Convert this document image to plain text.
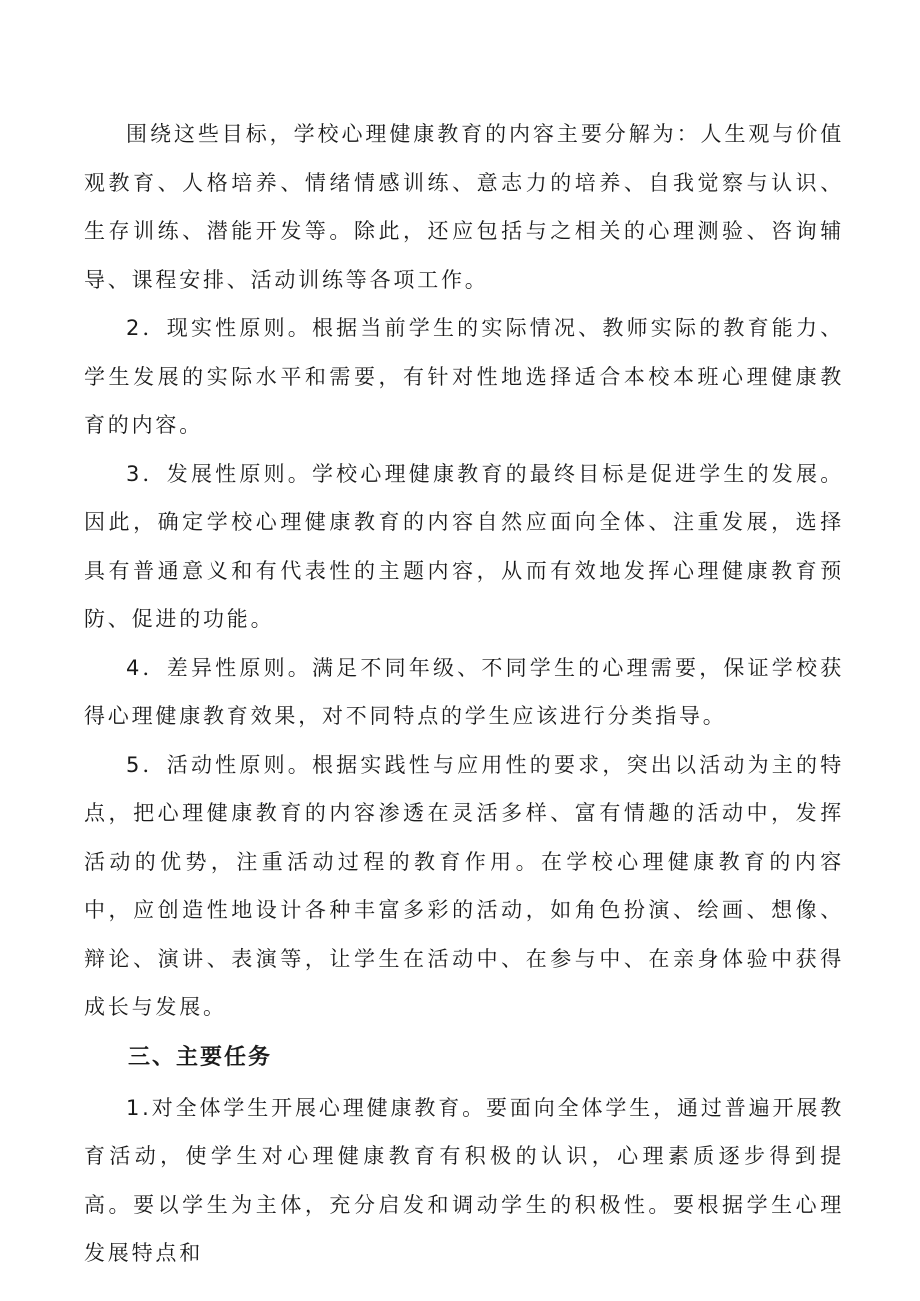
围绕这些目标，学校心理健康教育的内容主要分解为：人生观与价值观教育、人格培养、情绪情感训练、意志力的培养、自我觉察与认识、生存训练、潜能开发等。除此，还应包括与之相关的心理测验、咨询辅导、课程安排、活动训练等各项工作。

2．现实性原则。根据当前学生的实际情况、教师实际的教育能力、学生发展的实际水平和需要，有针对性地选择适合本校本班心理健康教育的内容。

3．发展性原则。学校心理健康教育的最终目标是促进学生的发展。因此，确定学校心理健康教育的内容自然应面向全体、注重发展，选择具有普通意义和有代表性的主题内容，从而有效地发挥心理健康教育预防、促进的功能。

4．差异性原则。满足不同年级、不同学生的心理需要，保证学校获得心理健康教育效果，对不同特点的学生应该进行分类指导。

5．活动性原则。根据实践性与应用性的要求，突出以活动为主的特点，把心理健康教育的内容渗透在灵活多样、富有情趣的活动中，发挥活动的优势，注重活动过程的教育作用。在学校心理健康教育的内容中，应创造性地设计各种丰富多彩的活动，如角色扮演、绘画、想像、辩论、演讲、表演等，让学生在活动中、在参与中、在亲身体验中获得成长与发展。

三、主要任务

1.对全体学生开展心理健康教育。要面向全体学生，通过普遍开展教育活动，使学生对心理健康教育有积极的认识，心理素质逐步得到提高。要以学生为主体，充分启发和调动学生的积极性。要根据学生心理发展特点和
